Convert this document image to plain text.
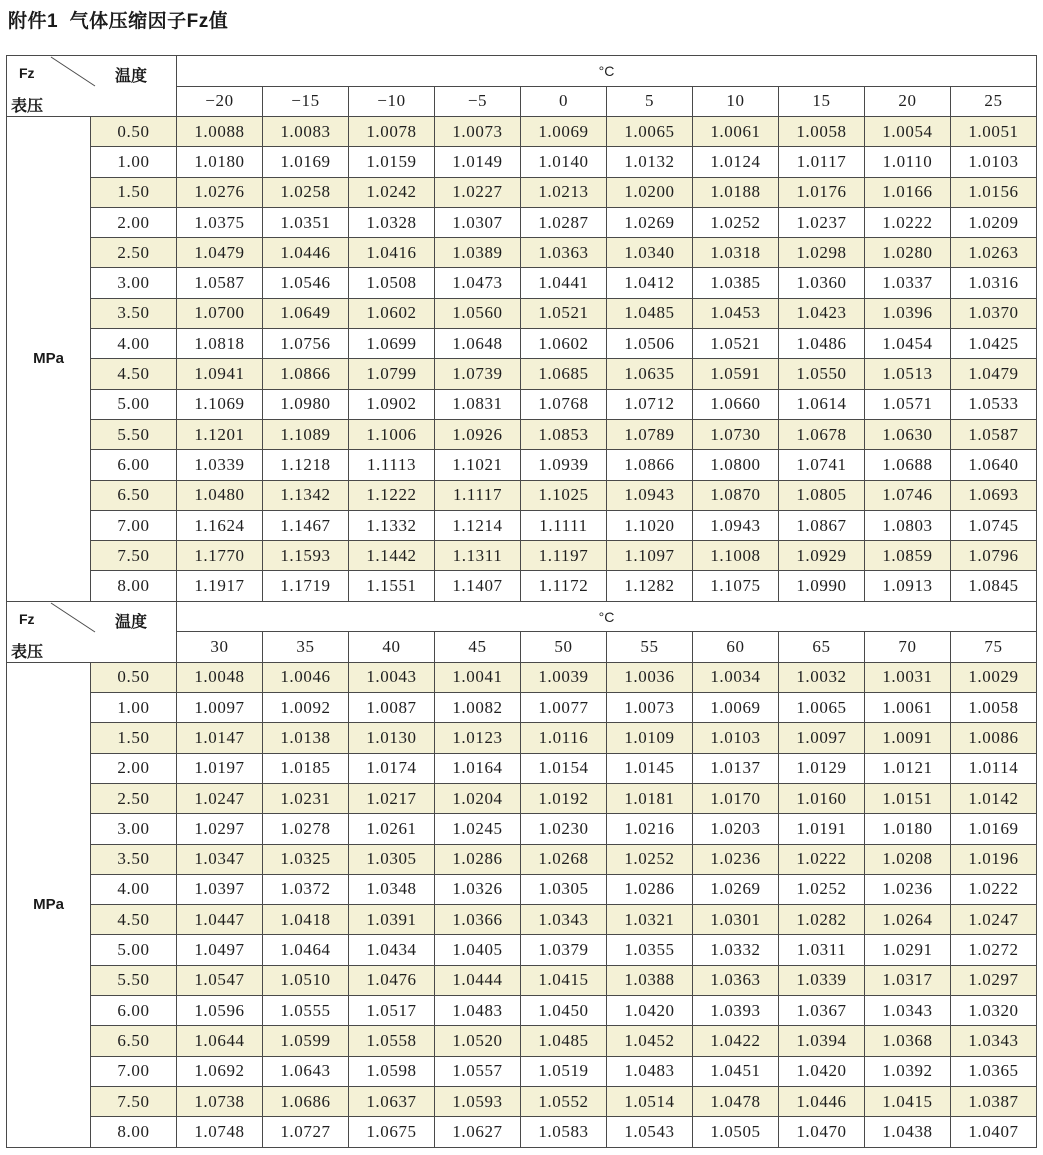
附件1  气体压缩因子Fz值
Fz 温度
表压		°C									
		−20	−15	−10	−5	0	5	10	15	20	25
MPa	0.50	1.0088	1.0083	1.0078	1.0073	1.0069	1.0065	1.0061	1.0058	1.0054	1.0051
	1.00	1.0180	1.0169	1.0159	1.0149	1.0140	1.0132	1.0124	1.0117	1.0110	1.0103
	1.50	1.0276	1.0258	1.0242	1.0227	1.0213	1.0200	1.0188	1.0176	1.0166	1.0156
	2.00	1.0375	1.0351	1.0328	1.0307	1.0287	1.0269	1.0252	1.0237	1.0222	1.0209
	2.50	1.0479	1.0446	1.0416	1.0389	1.0363	1.0340	1.0318	1.0298	1.0280	1.0263
	3.00	1.0587	1.0546	1.0508	1.0473	1.0441	1.0412	1.0385	1.0360	1.0337	1.0316
	3.50	1.0700	1.0649	1.0602	1.0560	1.0521	1.0485	1.0453	1.0423	1.0396	1.0370
	4.00	1.0818	1.0756	1.0699	1.0648	1.0602	1.0506	1.0521	1.0486	1.0454	1.0425
	4.50	1.0941	1.0866	1.0799	1.0739	1.0685	1.0635	1.0591	1.0550	1.0513	1.0479
	5.00	1.1069	1.0980	1.0902	1.0831	1.0768	1.0712	1.0660	1.0614	1.0571	1.0533
	5.50	1.1201	1.1089	1.1006	1.0926	1.0853	1.0789	1.0730	1.0678	1.0630	1.0587
	6.00	1.0339	1.1218	1.1113	1.1021	1.0939	1.0866	1.0800	1.0741	1.0688	1.0640
	6.50	1.0480	1.1342	1.1222	1.1117	1.1025	1.0943	1.0870	1.0805	1.0746	1.0693
	7.00	1.1624	1.1467	1.1332	1.1214	1.1111	1.1020	1.0943	1.0867	1.0803	1.0745
	7.50	1.1770	1.1593	1.1442	1.1311	1.1197	1.1097	1.1008	1.0929	1.0859	1.0796
	8.00	1.1917	1.1719	1.1551	1.1407	1.1172	1.1282	1.1075	1.0990	1.0913	1.0845

Fz 温度
表压		°C									
		30	35	40	45	50	55	60	65	70	75
MPa	0.50	1.0048	1.0046	1.0043	1.0041	1.0039	1.0036	1.0034	1.0032	1.0031	1.0029
	1.00	1.0097	1.0092	1.0087	1.0082	1.0077	1.0073	1.0069	1.0065	1.0061	1.0058
	1.50	1.0147	1.0138	1.0130	1.0123	1.0116	1.0109	1.0103	1.0097	1.0091	1.0086
	2.00	1.0197	1.0185	1.0174	1.0164	1.0154	1.0145	1.0137	1.0129	1.0121	1.0114
	2.50	1.0247	1.0231	1.0217	1.0204	1.0192	1.0181	1.0170	1.0160	1.0151	1.0142
	3.00	1.0297	1.0278	1.0261	1.0245	1.0230	1.0216	1.0203	1.0191	1.0180	1.0169
	3.50	1.0347	1.0325	1.0305	1.0286	1.0268	1.0252	1.0236	1.0222	1.0208	1.0196
	4.00	1.0397	1.0372	1.0348	1.0326	1.0305	1.0286	1.0269	1.0252	1.0236	1.0222
	4.50	1.0447	1.0418	1.0391	1.0366	1.0343	1.0321	1.0301	1.0282	1.0264	1.0247
	5.00	1.0497	1.0464	1.0434	1.0405	1.0379	1.0355	1.0332	1.0311	1.0291	1.0272
	5.50	1.0547	1.0510	1.0476	1.0444	1.0415	1.0388	1.0363	1.0339	1.0317	1.0297
	6.00	1.0596	1.0555	1.0517	1.0483	1.0450	1.0420	1.0393	1.0367	1.0343	1.0320
	6.50	1.0644	1.0599	1.0558	1.0520	1.0485	1.0452	1.0422	1.0394	1.0368	1.0343
	7.00	1.0692	1.0643	1.0598	1.0557	1.0519	1.0483	1.0451	1.0420	1.0392	1.0365
	7.50	1.0738	1.0686	1.0637	1.0593	1.0552	1.0514	1.0478	1.0446	1.0415	1.0387
	8.00	1.0748	1.0727	1.0675	1.0627	1.0583	1.0543	1.0505	1.0470	1.0438	1.0407
